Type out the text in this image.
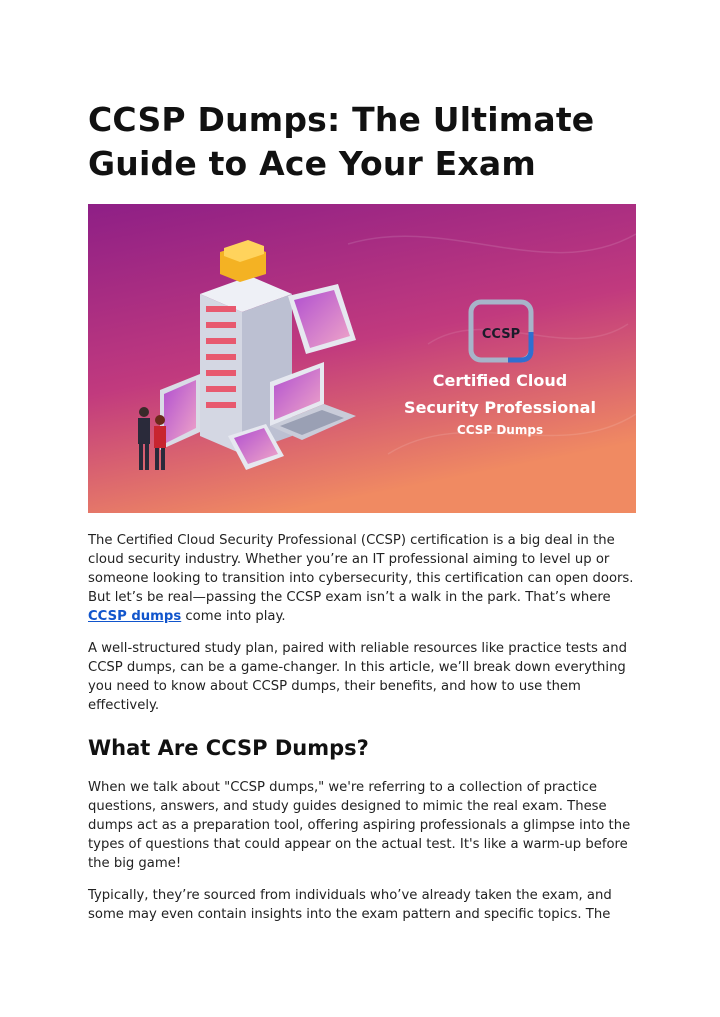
CCSP Dumps: The Ultimate Guide to Ace Your Exam
CCSP
Certified Cloud
Security Professional
CCSP Dumps

The Certified Cloud Security Professional (CCSP) certification is a big deal in the cloud security industry. Whether you’re an IT professional aiming to level up or someone looking to transition into cybersecurity, this certification can open doors. But let’s be real—passing the CCSP exam isn’t a walk in the park. That’s where CCSP dumps come into play.

A well-structured study plan, paired with reliable resources like practice tests and CCSP dumps, can be a game-changer. In this article, we’ll break down everything you need to know about CCSP dumps, their benefits, and how to use them effectively.

What Are CCSP Dumps?

When we talk about "CCSP dumps," we're referring to a collection of practice questions, answers, and study guides designed to mimic the real exam. These dumps act as a preparation tool, offering aspiring professionals a glimpse into the types of questions that could appear on the actual test. It's like a warm-up before the big game!

Typically, they’re sourced from individuals who’ve already taken the exam, and some may even contain insights into the exam pattern and specific topics. The
